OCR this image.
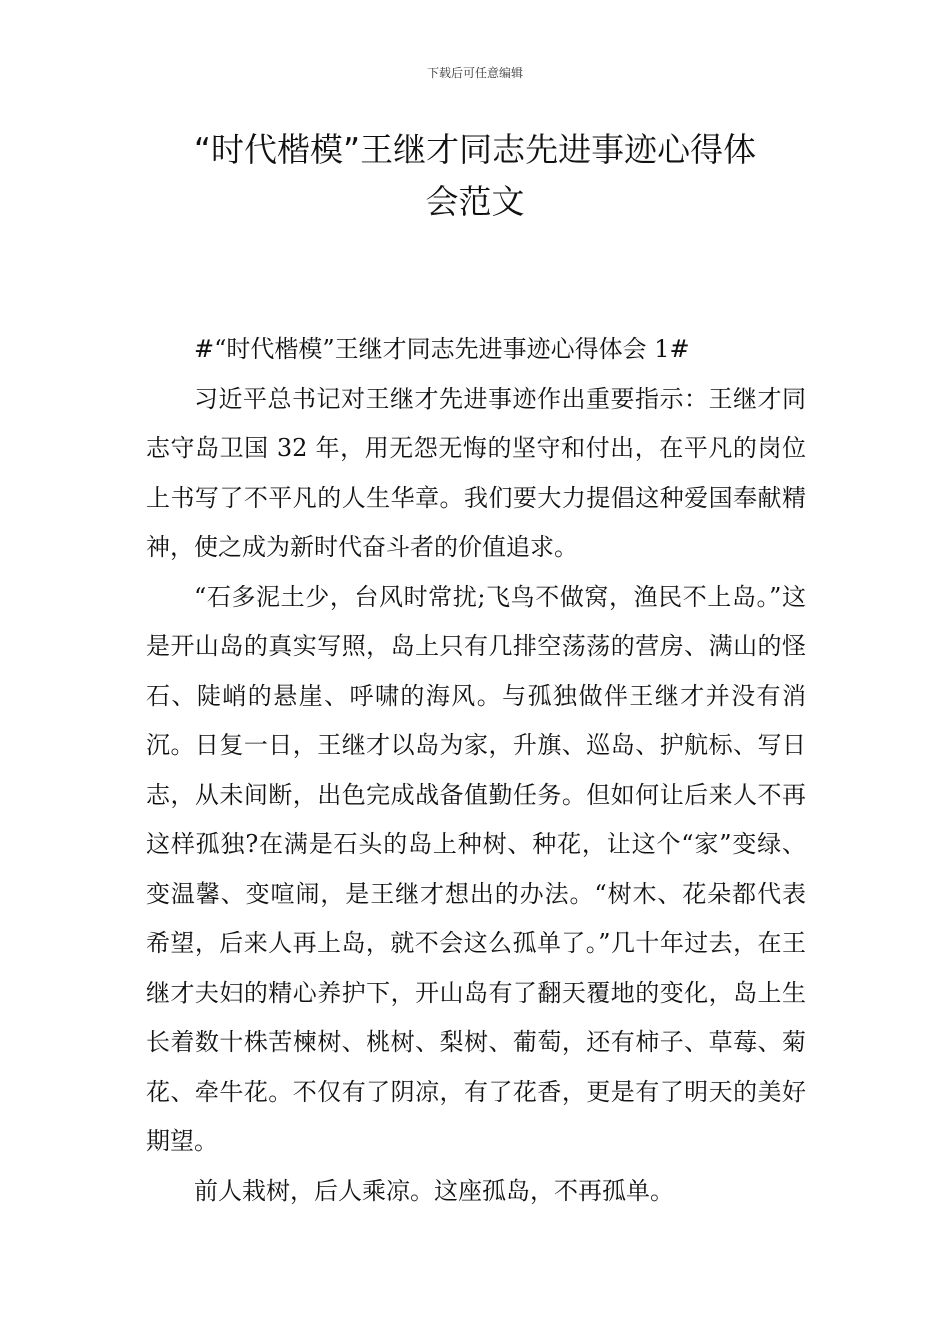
下载后可任意编辑
“时代楷模”王继才同志先进事迹心得体
会范文

#“时代楷模”王继才同志先进事迹心得体会 1#

习近平总书记对王继才先进事迹作出重要指示：王继才同志守岛卫国 32 年，用无怨无悔的坚守和付出，在平凡的岗位上书写了不平凡的人生华章。我们要大力提倡这种爱国奉献精神，使之成为新时代奋斗者的价值追求。

“石多泥土少，台风时常扰;飞鸟不做窝，渔民不上岛。”这是开山岛的真实写照，岛上只有几排空荡荡的营房、满山的怪石、陡峭的悬崖、呼啸的海风。与孤独做伴王继才并没有消沉。日复一日，王继才以岛为家，升旗、巡岛、护航标、写日志，从未间断，出色完成战备值勤任务。但如何让后来人不再这样孤独?在满是石头的岛上种树、种花，让这个“家”变绿、变温馨、变喧闹，是王继才想出的办法。“树木、花朵都代表希望，后来人再上岛，就不会这么孤单了。”几十年过去，在王继才夫妇的精心养护下，开山岛有了翻天覆地的变化，岛上生长着数十株苦楝树、桃树、梨树、葡萄，还有柿子、草莓、菊花、牵牛花。不仅有了阴凉，有了花香，更是有了明天的美好期望。

前人栽树，后人乘凉。这座孤岛，不再孤单。
